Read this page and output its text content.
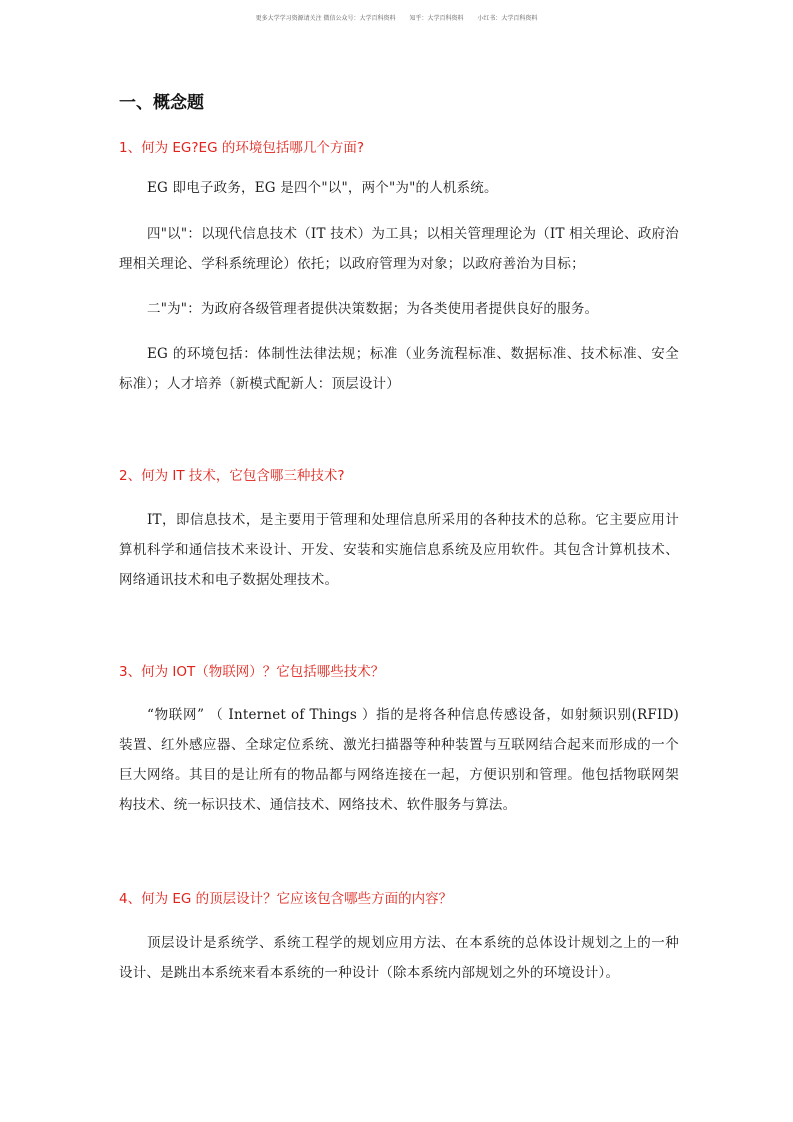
更多大学学习资源请关注 微信公众号：大学百科资料 知乎：大学百科资料 小红书：大学百科资料
一、概念题
1、何为 EG?EG 的环境包括哪几个方面?
EG 即电子政务，EG 是四个"以"，两个"为"的人机系统。
四"以"：以现代信息技术（IT 技术）为工具；以相关管理理论为（IT 相关理论、政府治理相关理论、学科系统理论）依托；以政府管理为对象；以政府善治为目标；
二"为"：为政府各级管理者提供决策数据；为各类使用者提供良好的服务。
EG 的环境包括：体制性法律法规；标准（业务流程标准、数据标准、技术标准、安全标准）；人才培养（新模式配新人：顶层设计）
2、何为 IT 技术，它包含哪三种技术?
IT，即信息技术，是主要用于管理和处理信息所采用的各种技术的总称。它主要应用计算机科学和通信技术来设计、开发、安装和实施信息系统及应用软件。其包含计算机技术、网络通讯技术和电子数据处理技术。
3、何为 IOT（物联网）？它包括哪些技术？
“物联网” （ Internet of Things ）指的是将各种信息传感设备，如射频识别(RFID) 装置、红外感应器、全球定位系统、激光扫描器等种种装置与互联网结合起来而形成的一个巨大网络。其目的是让所有的物品都与网络连接在一起，方便识别和管理。他包括物联网架构技术、统一标识技术、通信技术、网络技术、软件服务与算法。
4、何为 EG 的顶层设计？它应该包含哪些方面的内容？
顶层设计是系统学、系统工程学的规划应用方法、在本系统的总体设计规划之上的一种设计、是跳出本系统来看本系统的一种设计（除本系统内部规划之外的环境设计）。
